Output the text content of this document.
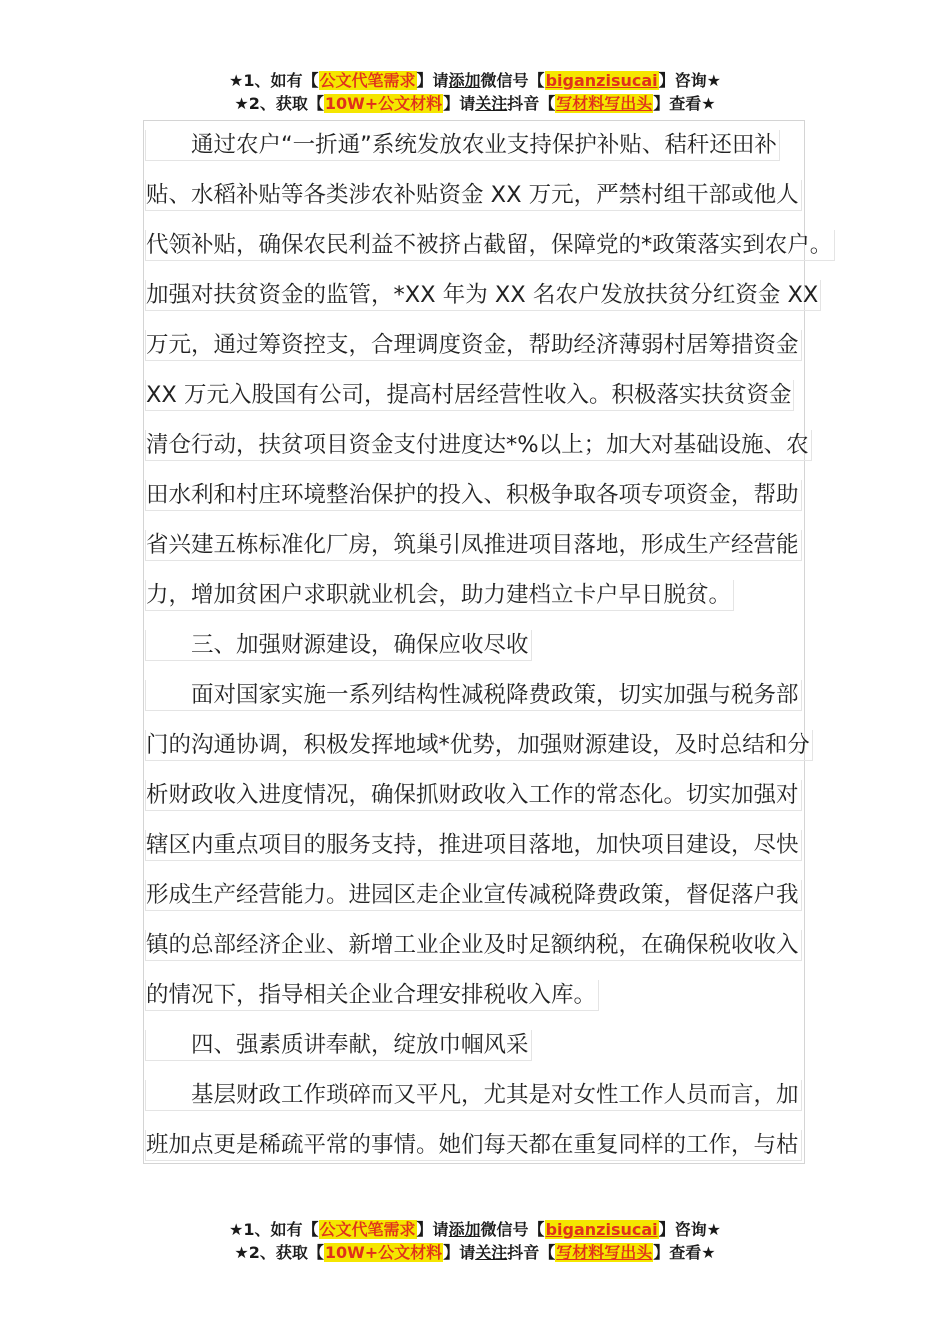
★1、如有【公文代笔需求】请添加微信号【biganzisucai】咨询★
★2、获取【10W+公文材料】请关注抖音【写材料写出头】查看★
通过农户“一折通”系统发放农业支持保护补贴、秸秆还田补
贴、水稻补贴等各类涉农补贴资金 XX 万元，严禁村组干部或他人
代领补贴，确保农民利益不被挤占截留，保障党的*政策落实到农户。
加强对扶贫资金的监管，*XX 年为 XX 名农户发放扶贫分红资金 XX
万元，通过筹资控支，合理调度资金，帮助经济薄弱村居筹措资金
XX 万元入股国有公司，提高村居经营性收入。积极落实扶贫资金
清仓行动，扶贫项目资金支付进度达*%以上；加大对基础设施、农
田水利和村庄环境整治保护的投入、积极争取各项专项资金，帮助
省兴建五栋标准化厂房，筑巢引凤推进项目落地，形成生产经营能
力，增加贫困户求职就业机会，助力建档立卡户早日脱贫。
三、加强财源建设，确保应收尽收
面对国家实施一系列结构性减税降费政策，切实加强与税务部
门的沟通协调，积极发挥地域*优势，加强财源建设，及时总结和分
析财政收入进度情况，确保抓财政收入工作的常态化。切实加强对
辖区内重点项目的服务支持，推进项目落地，加快项目建设，尽快
形成生产经营能力。进园区走企业宣传减税降费政策，督促落户我
镇的总部经济企业、新增工业企业及时足额纳税，在确保税收收入
的情况下，指导相关企业合理安排税收入库。
四、强素质讲奉献，绽放巾帼风采
基层财政工作琐碎而又平凡，尤其是对女性工作人员而言，加
班加点更是稀疏平常的事情。她们每天都在重复同样的工作，与枯
★1、如有【公文代笔需求】请添加微信号【biganzisucai】咨询★
★2、获取【10W+公文材料】请关注抖音【写材料写出头】查看★
